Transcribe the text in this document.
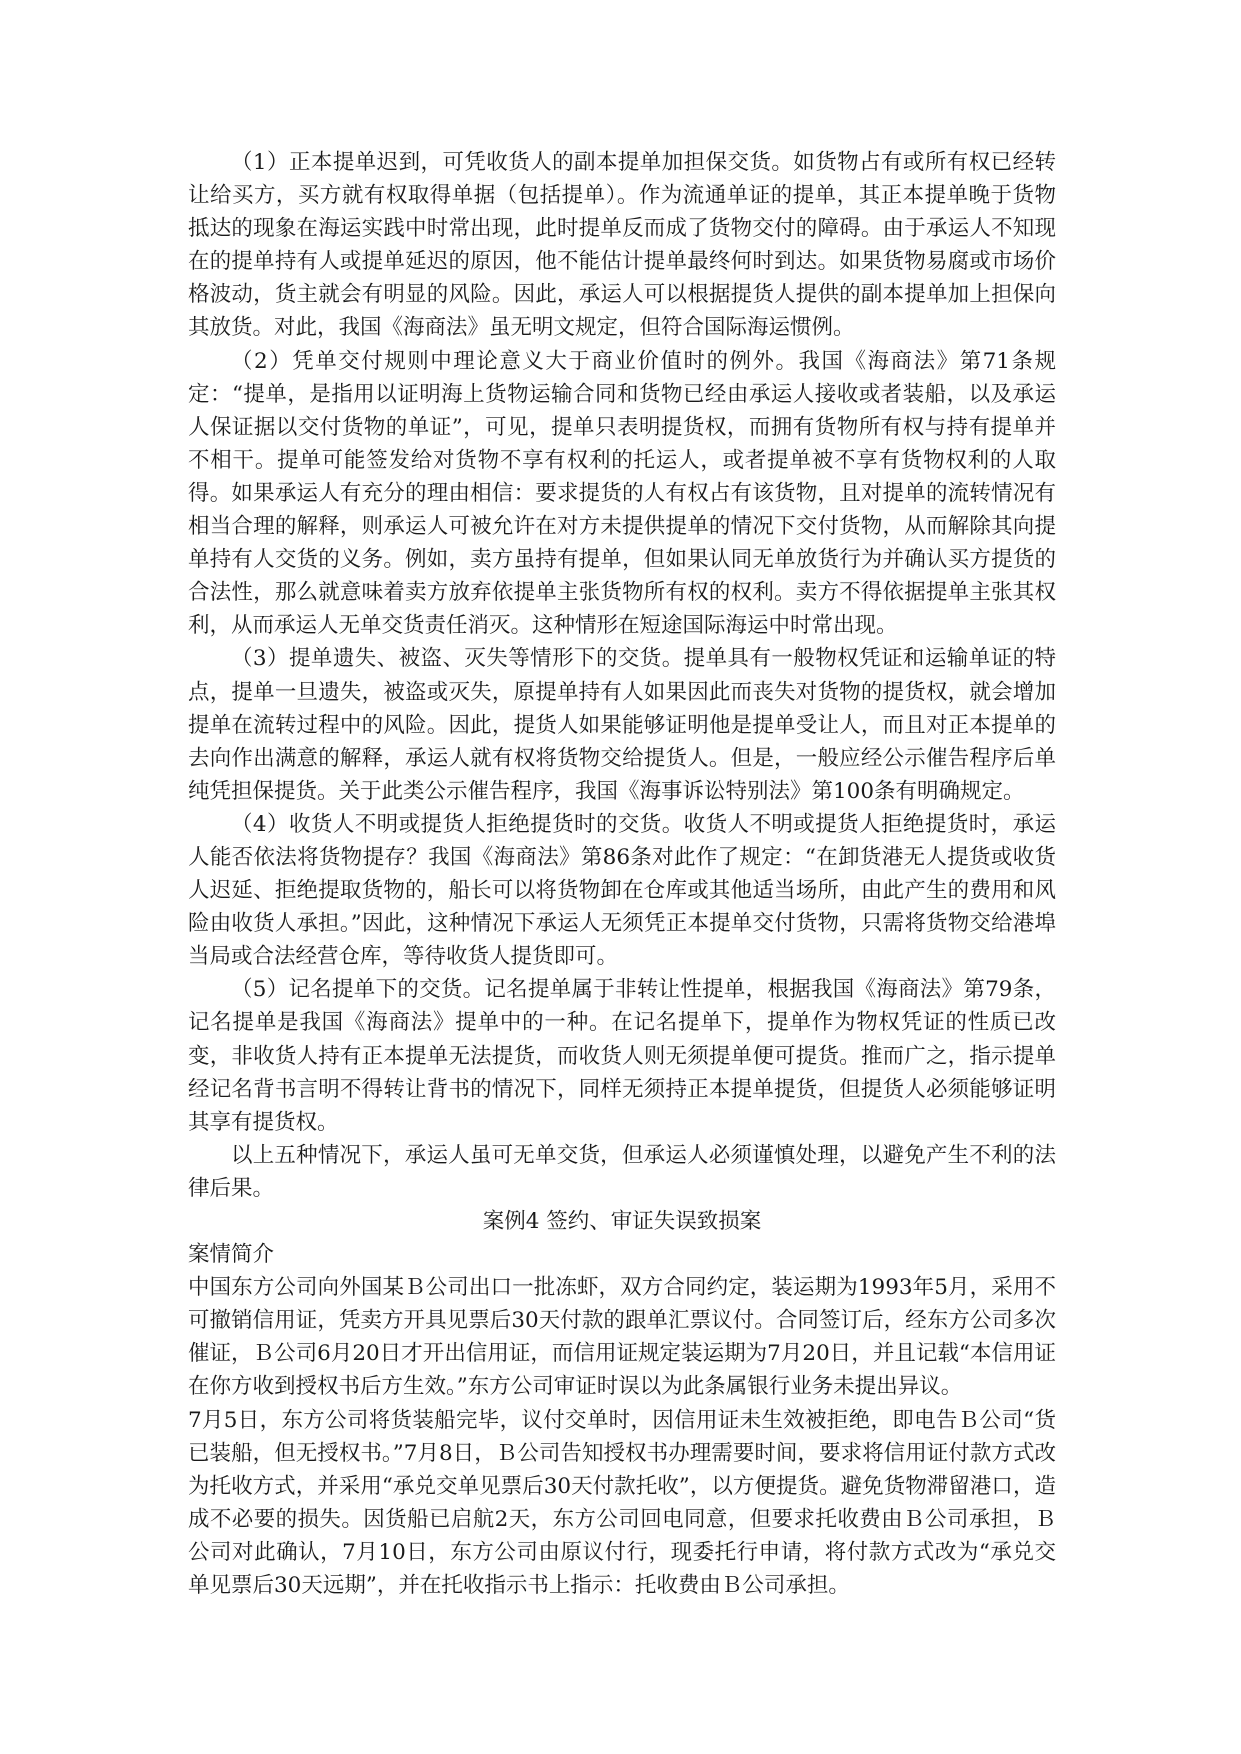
（1）正本提单迟到，可凭收货人的副本提单加担保交货。如货物占有或所有权已经转让给买方，买方就有权取得单据（包括提单）。作为流通单证的提单，其正本提单晚于货物抵达的现象在海运实践中时常出现，此时提单反而成了货物交付的障碍。由于承运人不知现在的提单持有人或提单延迟的原因，他不能估计提单最终何时到达。如果货物易腐或市场价格波动，货主就会有明显的风险。因此，承运人可以根据提货人提供的副本提单加上担保向其放货。对此，我国《海商法》虽无明文规定，但符合国际海运惯例。

（2）凭单交付规则中理论意义大于商业价值时的例外。我国《海商法》第71条规定：“提单，是指用以证明海上货物运输合同和货物已经由承运人接收或者装船，以及承运人保证据以交付货物的单证”，可见，提单只表明提货权，而拥有货物所有权与持有提单并不相干。提单可能签发给对货物不享有权利的托运人，或者提单被不享有货物权利的人取得。如果承运人有充分的理由相信：要求提货的人有权占有该货物，且对提单的流转情况有相当合理的解释，则承运人可被允许在对方未提供提单的情况下交付货物，从而解除其向提单持有人交货的义务。例如，卖方虽持有提单，但如果认同无单放货行为并确认买方提货的合法性，那么就意味着卖方放弃依提单主张货物所有权的权利。卖方不得依据提单主张其权利，从而承运人无单交货责任消灭。这种情形在短途国际海运中时常出现。

（3）提单遗失、被盗、灭失等情形下的交货。提单具有一般物权凭证和运输单证的特点，提单一旦遗失，被盗或灭失，原提单持有人如果因此而丧失对货物的提货权，就会增加提单在流转过程中的风险。因此，提货人如果能够证明他是提单受让人，而且对正本提单的去向作出满意的解释，承运人就有权将货物交给提货人。但是，一般应经公示催告程序后单纯凭担保提货。关于此类公示催告程序，我国《海事诉讼特别法》第100条有明确规定。

（4）收货人不明或提货人拒绝提货时的交货。收货人不明或提货人拒绝提货时，承运人能否依法将货物提存？我国《海商法》第86条对此作了规定：“在卸货港无人提货或收货人迟延、拒绝提取货物的，船长可以将货物卸在仓库或其他适当场所，由此产生的费用和风险由收货人承担。”因此，这种情况下承运人无须凭正本提单交付货物，只需将货物交给港埠当局或合法经营仓库，等待收货人提货即可。

（5）记名提单下的交货。记名提单属于非转让性提单，根据我国《海商法》第79条，记名提单是我国《海商法》提单中的一种。在记名提单下，提单作为物权凭证的性质已改变，非收货人持有正本提单无法提货，而收货人则无须提单便可提货。推而广之，指示提单经记名背书言明不得转让背书的情况下，同样无须持正本提单提货，但提货人必须能够证明其享有提货权。

以上五种情况下，承运人虽可无单交货，但承运人必须谨慎处理，以避免产生不利的法律后果。

案例4 签约、审证失误致损案

案情简介

中国东方公司向外国某Ｂ公司出口一批冻虾，双方合同约定，装运期为1993年5月，采用不可撤销信用证，凭卖方开具见票后30天付款的跟单汇票议付。合同签订后，经东方公司多次催证，Ｂ公司6月20日才开出信用证，而信用证规定装运期为7月20日，并且记载“本信用证在你方收到授权书后方生效。”东方公司审证时误以为此条属银行业务未提出异议。

7月5日，东方公司将货装船完毕，议付交单时，因信用证未生效被拒绝，即电告Ｂ公司“货已装船，但无授权书。”7月8日，Ｂ公司告知授权书办理需要时间，要求将信用证付款方式改为托收方式，并采用“承兑交单见票后30天付款托收”，以方便提货。避免货物滞留港口，造成不必要的损失。因货船已启航2天，东方公司回电同意，但要求托收费由Ｂ公司承担，Ｂ公司对此确认，7月10日，东方公司由原议付行，现委托行申请，将付款方式改为“承兑交单见票后30天远期”，并在托收指示书上指示：托收费由Ｂ公司承担。
